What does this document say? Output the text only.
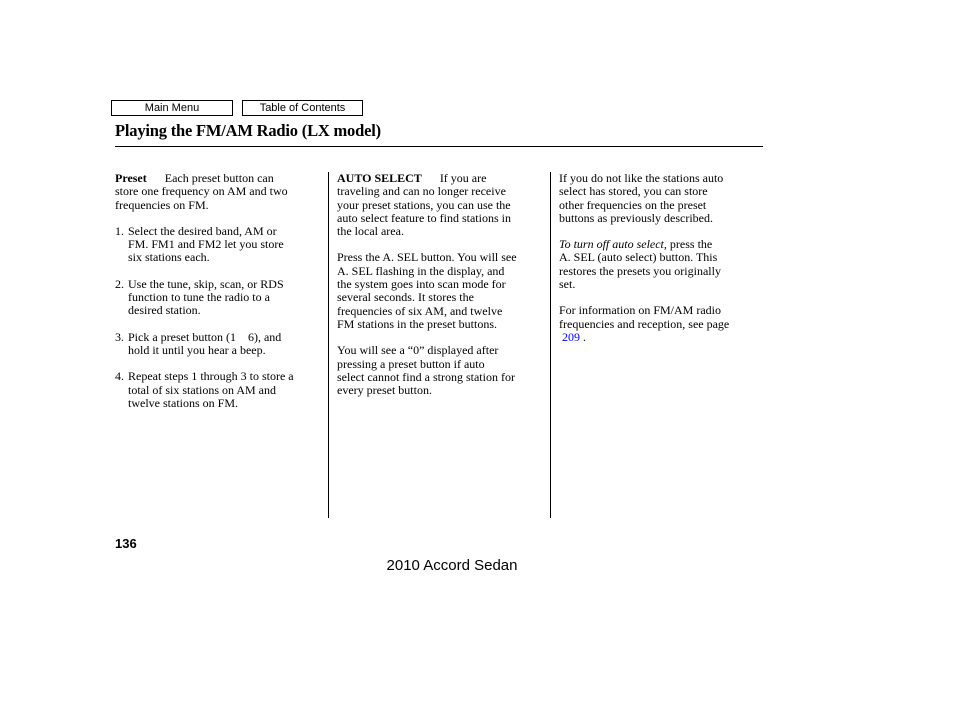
Main Menu	Table of Contents
Playing the FM/AM Radio (LX model)

Preset Each preset button can
store one frequency on AM and two
frequencies on FM.

1. Select the desired band, AM or
FM. FM1 and FM2 let you store
six stations each.
2. Use the tune, skip, scan, or RDS
function to tune the radio to a
desired station.
3. Pick a preset button (1    6), and
hold it until you hear a beep.
4. Repeat steps 1 through 3 to store a
total of six stations on AM and
twelve stations on FM.

AUTO SELECT If you are
traveling and can no longer receive
your preset stations, you can use the
auto select feature to find stations in
the local area.

Press the A. SEL button. You will see
A. SEL flashing in the display, and
the system goes into scan mode for
several seconds. It stores the
frequencies of six AM, and twelve
FM stations in the preset buttons.

You will see a “0” displayed after
pressing a preset button if auto
select cannot find a strong station for
every preset button.

If you do not like the stations auto
select has stored, you can store
other frequencies on the preset
buttons as previously described.

To turn off auto select, press the
A. SEL (auto select) button. This
restores the presets you originally
set.

For information on FM/AM radio
frequencies and reception, see page
209 .

136
2010 Accord Sedan
